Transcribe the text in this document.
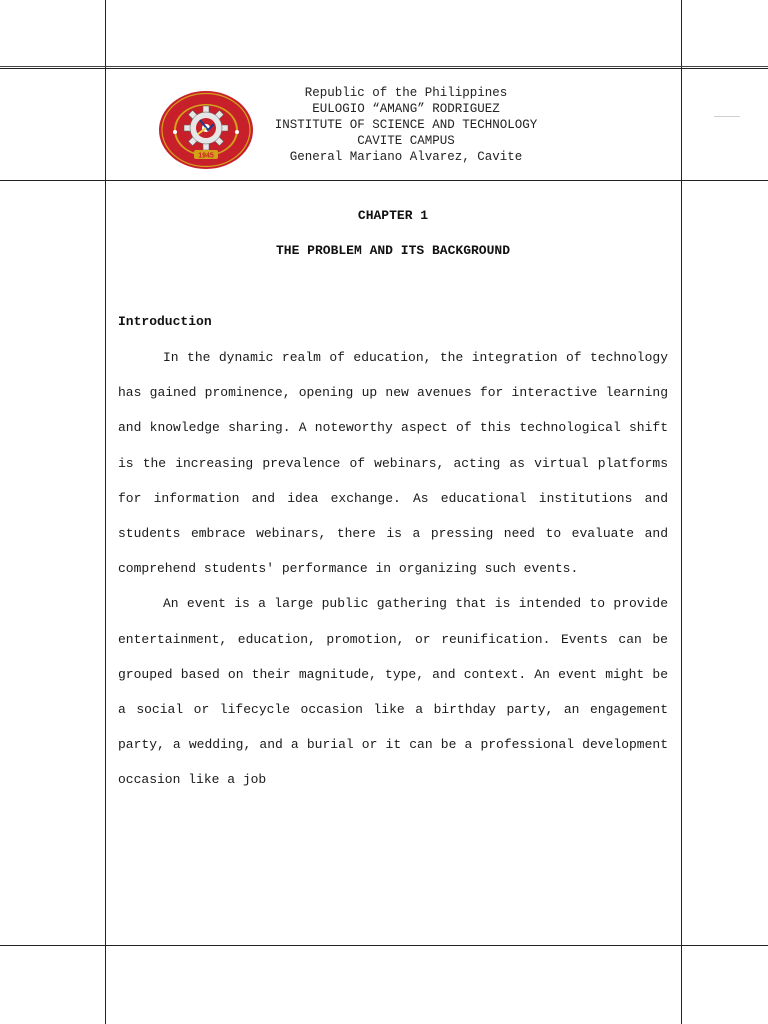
1945
Republic of the Philippines
EULOGIO “AMANG” RODRIGUEZ
INSTITUTE OF SCIENCE AND TECHNOLOGY
CAVITE CAMPUS
General Mariano Alvarez, Cavite
CHAPTER 1
THE PROBLEM AND ITS BACKGROUND
Introduction

In the dynamic realm of education, the integration of technology has gained prominence, opening up new avenues for interactive learning and knowledge sharing. A noteworthy aspect of this technological shift is the increasing prevalence of webinars, acting as virtual platforms for information and idea exchange. As educational institutions and students embrace webinars, there is a pressing need to evaluate and comprehend students' performance in organizing such events.

An event is a large public gathering that is intended to provide entertainment, education, promotion, or reunification. Events can be grouped based on their magnitude, type, and context. An event might be a social or lifecycle occasion like a birthday party, an engagement party, a wedding, and a burial or it can be a professional development occasion like a job
